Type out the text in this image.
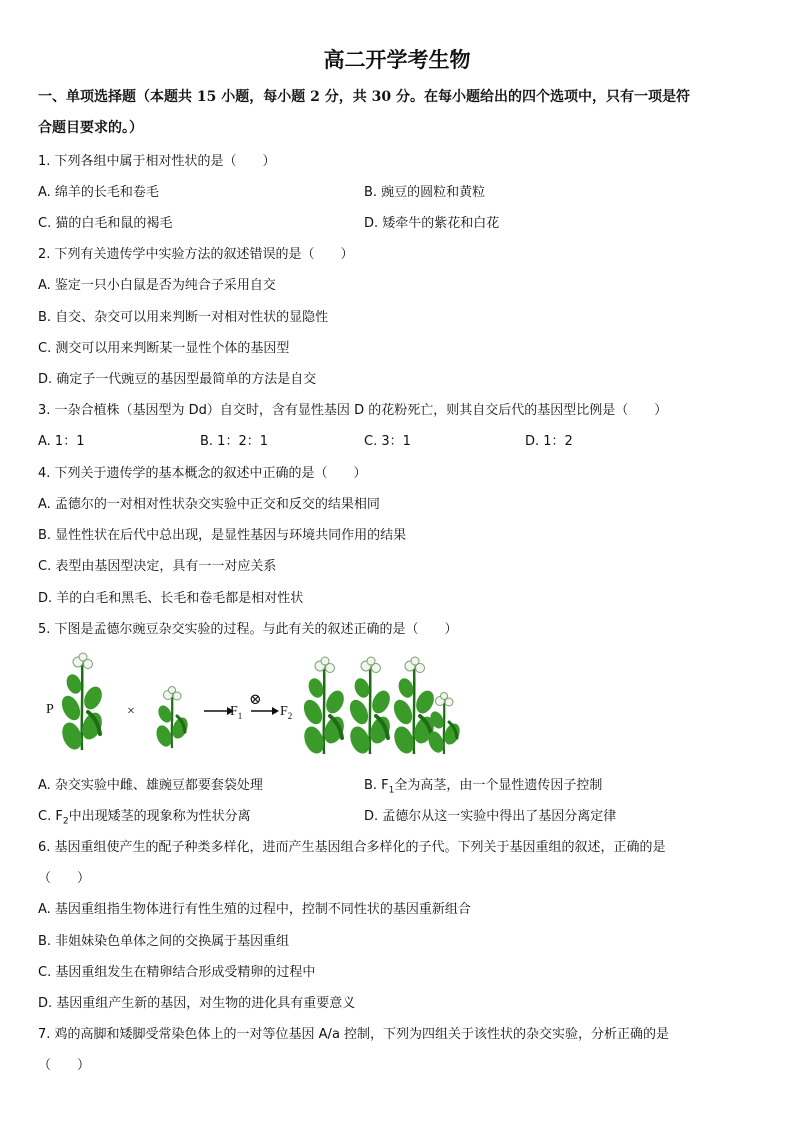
高二开学考生物
一、单项选择题（本题共 15 小题，每小题 2 分，共 30 分。在每小题给出的四个选项中，只有一项是符
合题目要求的。）
1. 下列各组中属于相对性状的是（　　）
A. 绵羊的长毛和卷毛	B. 豌豆的圆粒和黄粒
C. 猫的白毛和鼠的褐毛	D. 矮牵牛的紫花和白花
2. 下列有关遗传学中实验方法的叙述错误的是（　　）
A. 鉴定一只小白鼠是否为纯合子采用自交
B. 自交、杂交可以用来判断一对相对性状的显隐性
C. 测交可以用来判断某一显性个体的基因型
D. 确定子一代豌豆的基因型最简单的方法是自交
3. 一杂合植株（基因型为 Dd）自交时，含有显性基因 D 的花粉死亡，则其自交后代的基因型比例是（　　）
A. 1：1	B. 1：2：1	C. 3：1	D. 1：2
4. 下列关于遗传学的基本概念的叙述中正确的是（　　）
A. 孟德尔的一对相对性状杂交实验中正交和反交的结果相同
B. 显性性状在后代中总出现，是显性基因与环境共同作用的结果
C. 表型由基因型决定，具有一一对应关系
D. 羊的白毛和黑毛、长毛和卷毛都是相对性状
5. 下图是孟德尔豌豆杂交实验的过程。与此有关的叙述正确的是（　　）
P	×	$F_1$
⊗
$F_2$
A. 杂交实验中雌、雄豌豆都要套袋处理	B. $F_1$全为高茎，由一个显性遗传因子控制
C. $F_2$中出现矮茎的现象称为性状分离	D. 孟德尔从这一实验中得出了基因分离定律
6. 基因重组使产生的配子种类多样化，进而产生基因组合多样化的子代。下列关于基因重组的叙述，正确的是
（　　）
A. 基因重组指生物体进行有性生殖的过程中，控制不同性状的基因重新组合
B. 非姐妹染色单体之间的交换属于基因重组
C. 基因重组发生在精卵结合形成受精卵的过程中
D. 基因重组产生新的基因，对生物的进化具有重要意义
7. 鸡的高脚和矮脚受常染色体上的一对等位基因 A/a 控制，下列为四组关于该性状的杂交实验，分析正确的是
（　　）
